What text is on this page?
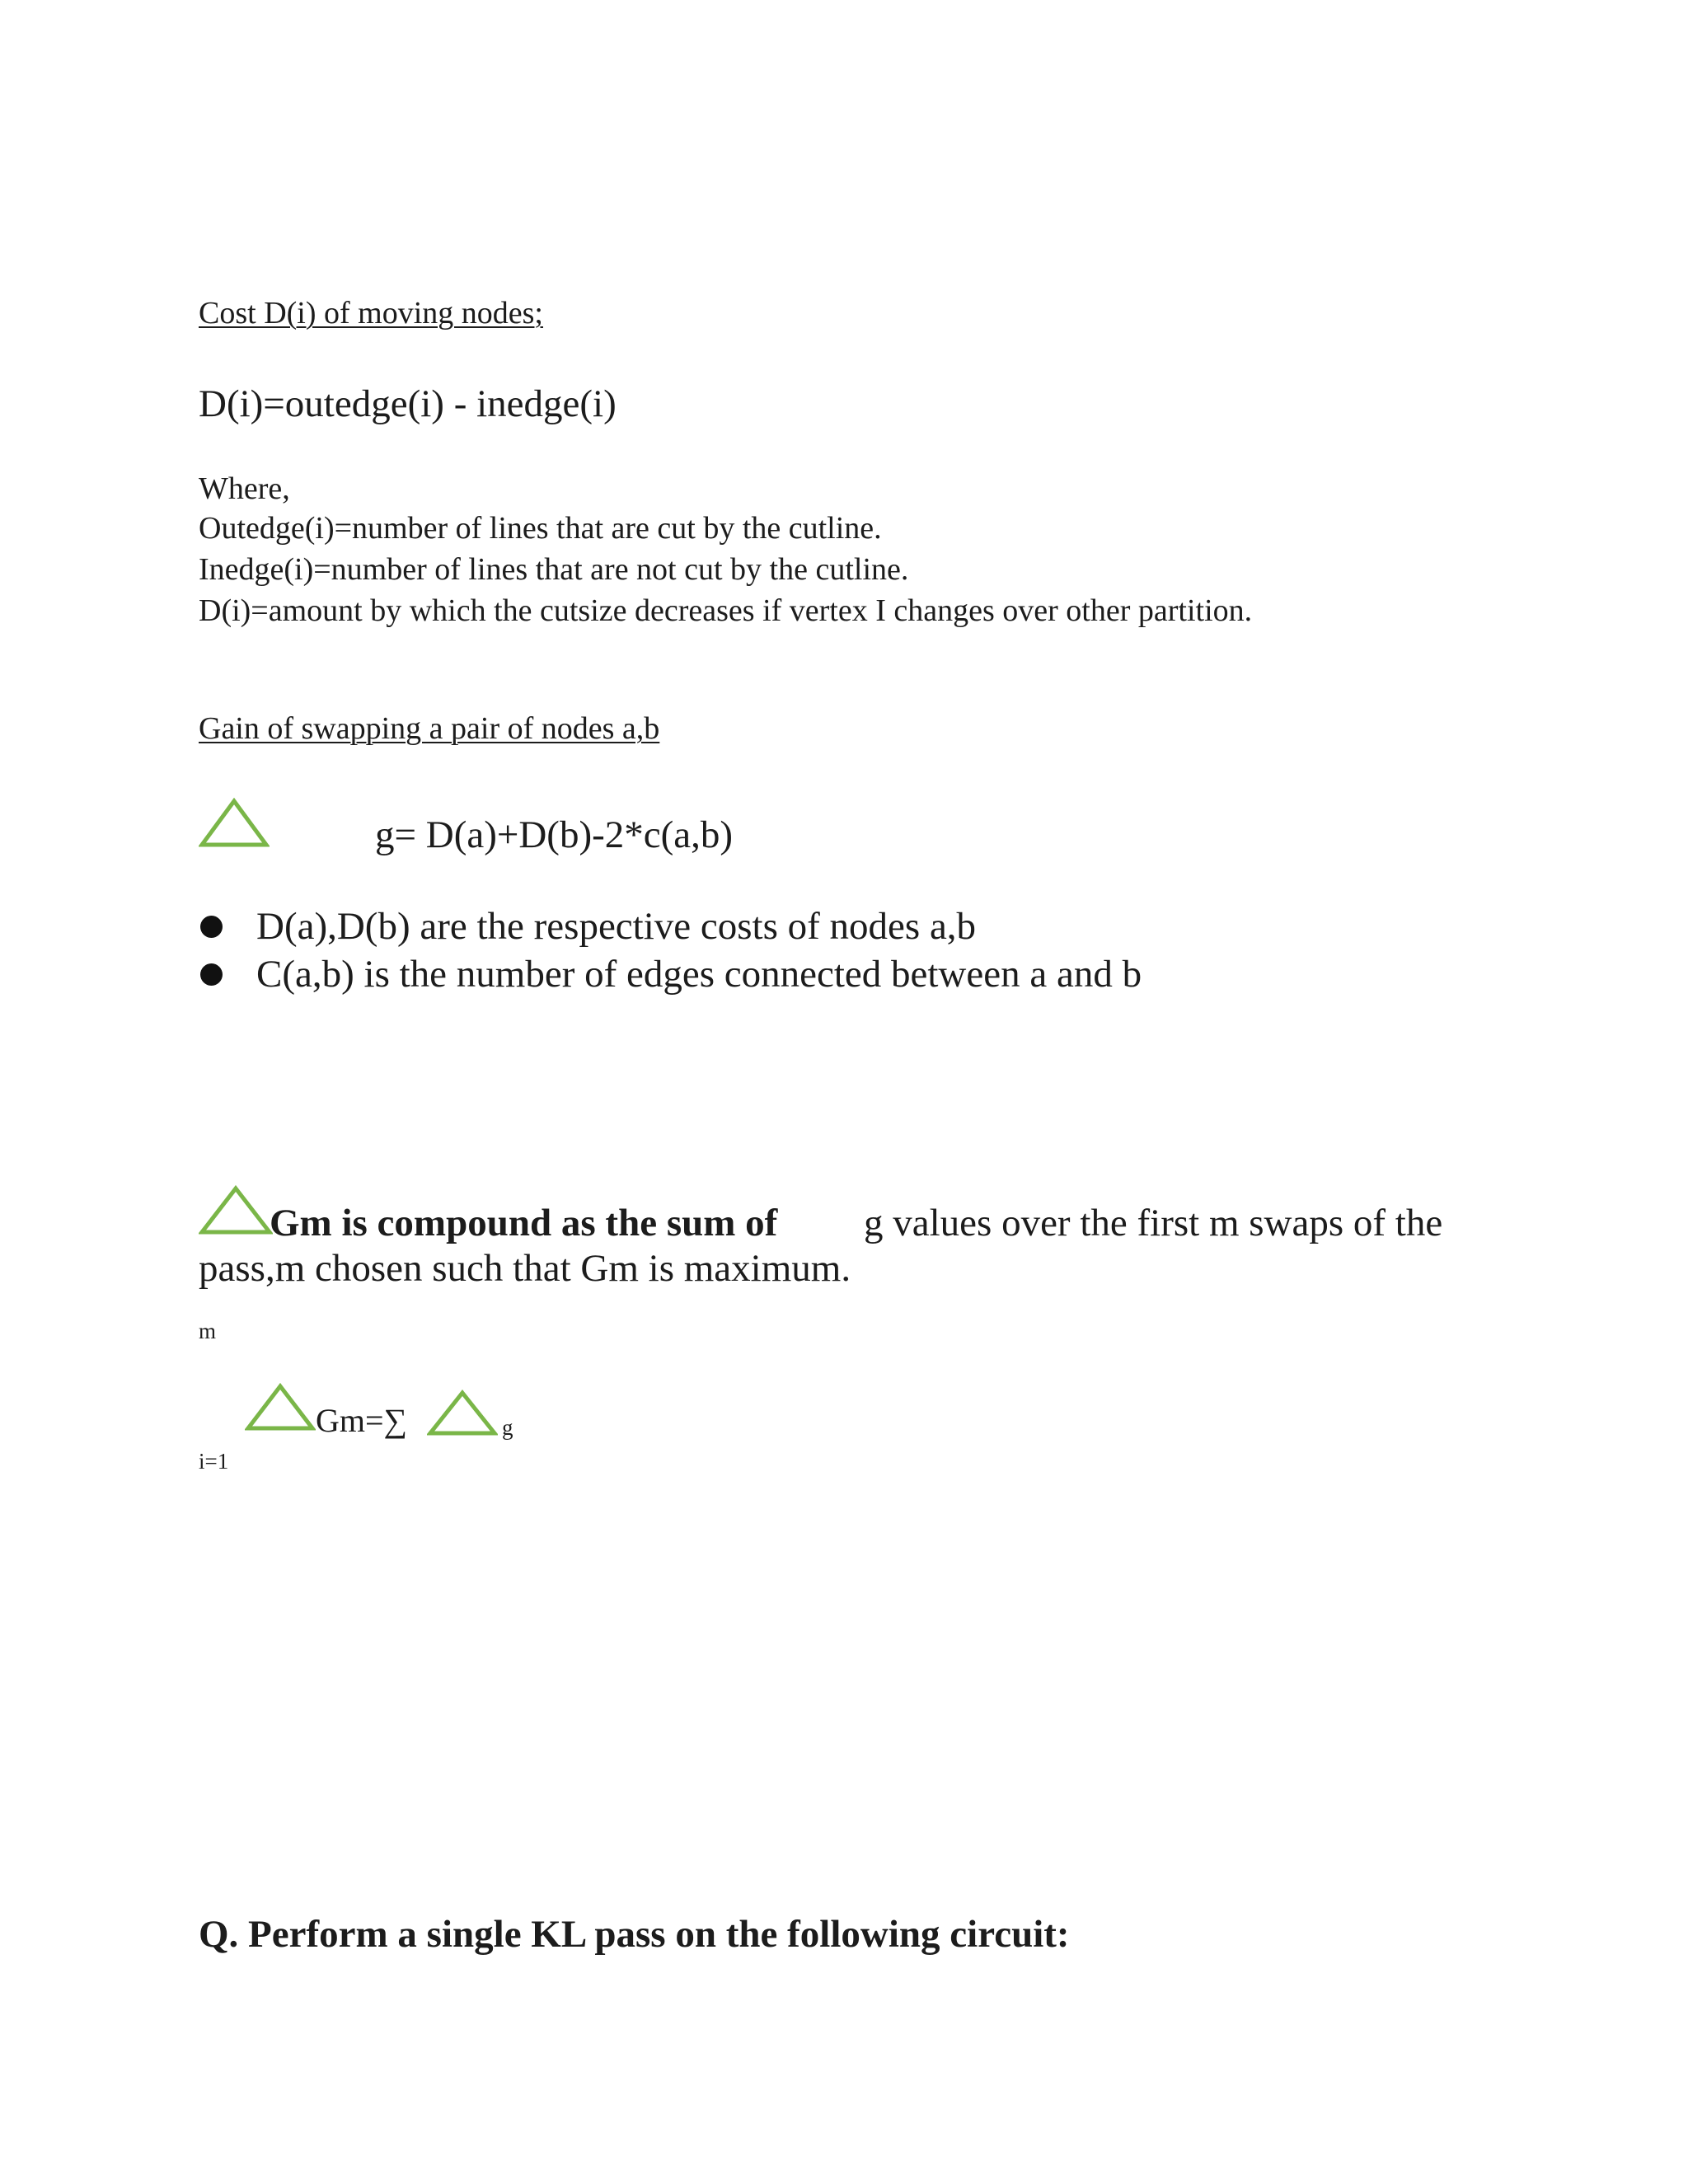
Cost D(i) of moving nodes;
D(i)=outedge(i) - inedge(i)
Where,
Outedge(i)=number of lines that are cut by the cutline.
Inedge(i)=number of lines that are not cut by the cutline.
D(i)=amount by which the cutsize decreases if vertex I changes over other partition.
Gain of swapping a pair of nodes a,b
g= D(a)+D(b)-2*c(a,b)
D(a),D(b) are the respective costs of nodes a,b
C(a,b) is the number of edges connected between a and b
Gm is compound as the sum of g values over the first m swaps of the
pass,m chosen such that Gm is maximum.
m
Gm=∑	g
i=1
Q. Perform a single KL pass on the following circuit:
